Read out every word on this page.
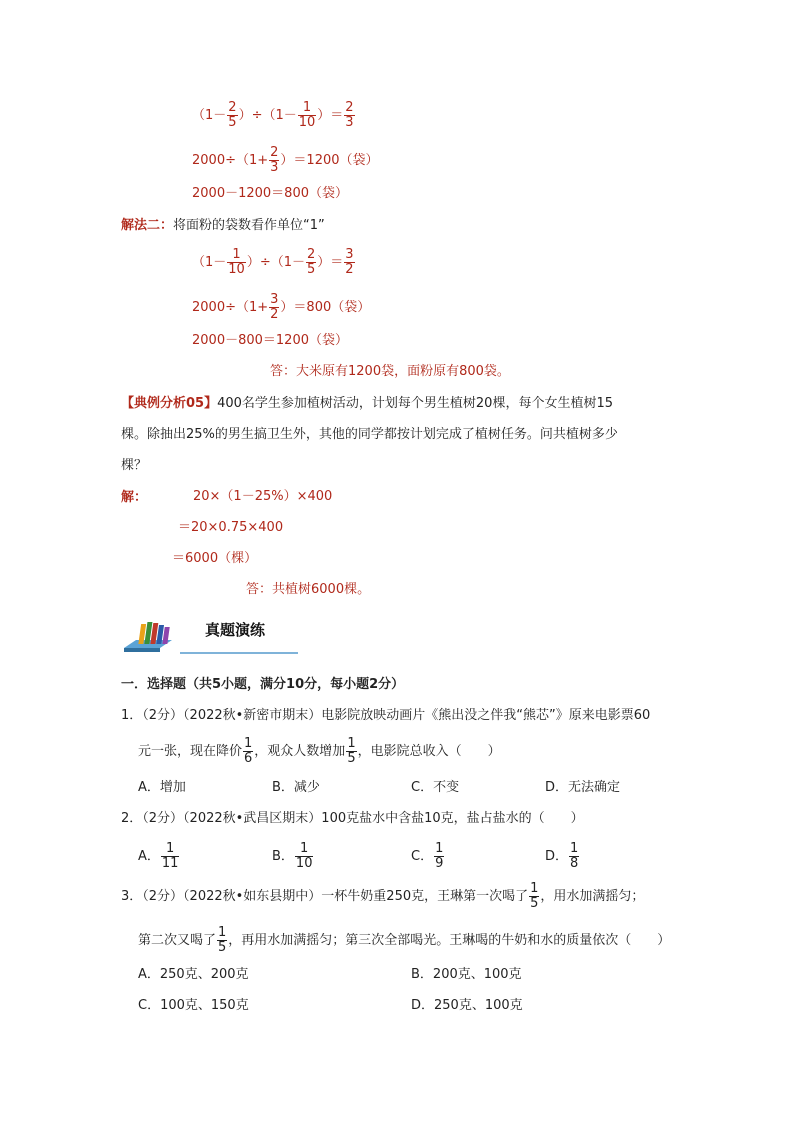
$(1- \frac{2}{5} )\div(1- \frac{1}{10}$ ）＝ $\frac{2}{3}$
$2000\div(1+ \frac{2}{3} )=1200$（袋）
2000－1200＝800（袋）
解法二：将面粉的袋数看作单位“1”
$(1- \frac{1}{10} )\div(1- \frac{2}{5}$ ）＝ $\frac{3}{2}$
$2000\div(1+ \frac{3}{2} )=800$（袋）
2000－800＝1200（袋）
答：大米原有1200袋，面粉原有800袋。
【典例分析05】400名学生参加植树活动，计划每个男生植树20棵，每个女生植树15
棵。除抽出25%的男生搞卫生外，其他的同学都按计划完成了植树任务。问共植树多少
棵？
解：	20×（1－25%）×400
＝20×0.75×400
＝6000（棵）
答：共植树6000棵。
真题演练
一．选择题（共5小题，满分10分，每小题2分）
1．（2分）（2022秋•新密市期末）电影院放映动画片《熊出没之伴我“熊芯”》原来电影票60
元一张，现在降价 $\frac{1}{6}$ ，观众人数增加 $\frac{1}{5}$ ，电影院总收入（　　）
A．增加	B．减少	C．不变	D．无法确定
2．（2分）（2022秋•武昌区期末）100克盐水中含盐10克，盐占盐水的（　　）
A． $\frac{1}{11}$	B． $\frac{1}{10}$	C． $\frac{1}{9}$	D． $\frac{1}{8}$
3．（2分）（2022秋•如东县期中）一杯牛奶重250克，王琳第一次喝了 $\frac{1}{5}$ ，用水加满摇匀；
第二次又喝了 $\frac{1}{5}$ ，再用水加满摇匀；第三次全部喝光。王琳喝的牛奶和水的质量依次（　　）
A．250克、200克	B．200克、100克
C．100克、150克	D．250克、100克
